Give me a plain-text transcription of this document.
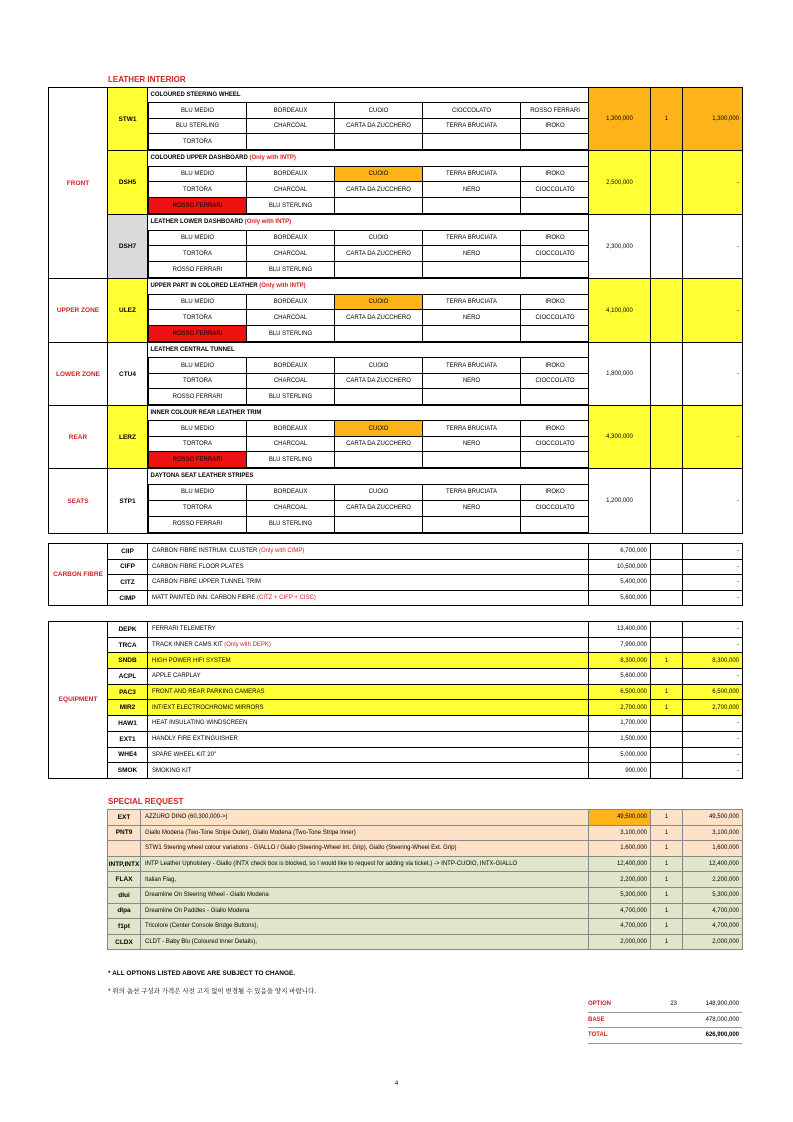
LEATHER INTERIOR
FRONT	STW1	
COLOURED STEERING WHEEL
BLU MEDIO	BORDEAUX	CUOIO	CIOCCOLATO	ROSSO FERRARI
BLU STERLING	CHARCOAL	CARTA DA ZUCCHERO	TERRA BRUCIATA	IROKO
TORTORA				
	1,300,000	1	1,300,000
DSH5	
COLOURED UPPER DASHBOARD (Only with INTP)
BLU MEDIO	BORDEAUX	CUOIO	TERRA BRUCIATA	IROKO
TORTORA	CHARCOAL	CARTA DA ZUCCHERO	NERO	CIOCCOLATO
ROSSO FERRARI	BLU STERLING			
	2,500,000		-
DSH7	
LEATHER LOWER DASHBOARD (Only with INTP)
BLU MEDIO	BORDEAUX	CUOIO	TERRA BRUCIATA	IROKO
TORTORA	CHARCOAL	CARTA DA ZUCCHERO	NERO	CIOCCOLATO
ROSSO FERRARI	BLU STERLING			
	2,300,000		-
UPPER ZONE	ULEZ	
UPPER PART IN COLORED LEATHER (Only with INTP)
BLU MEDIO	BORDEAUX	CUOIO	TERRA BRUCIATA	IROKO
TORTORA	CHARCOAL	CARTA DA ZUCCHERO	NERO	CIOCCOLATO
ROSSO FERRARI	BLU STERLING			
	4,100,000		-
LOWER ZONE	CTU4	
LEATHER CENTRAL TUNNEL
BLU MEDIO	BORDEAUX	CUOIO	TERRA BRUCIATA	IROKO
TORTORA	CHARCOAL	CARTA DA ZUCCHERO	NERO	CIOCCOLATO
ROSSO FERRARI	BLU STERLING			
	1,800,000		-
REAR	LERZ	
INNER COLOUR REAR LEATHER TRIM
BLU MEDIO	BORDEAUX	CUOIO	TERRA BRUCIATA	IROKO
TORTORA	CHARCOAL	CARTA DA ZUCCHERO	NERO	CIOCCOLATO
ROSSO FERRARI	BLU STERLING			
	4,300,000		-
SEATS	STP1	
DAYTONA SEAT LEATHER STRIPES
BLU MEDIO	BORDEAUX	CUOIO	TERRA BRUCIATA	IROKO
TORTORA	CHARCOAL	CARTA DA ZUCCHERO	NERO	CIOCCOLATO
ROSSO FERRARI	BLU STERLING			
	1,200,000		-
CARBON FIBRE	CIIP	CARBON FIBRE INSTRUM. CLUSTER (Only with CIMP)	6,700,000		-
	CIFP	CARBON FIBRE FLOOR PLATES	10,500,000		-
	CITZ	CARBON FIBRE UPPER TUNNEL TRIM	5,400,000		-
	CIMP	MATT PAINTED INN. CARBON FIBRE (CITZ + CIFP + CISC)	5,600,000		-
EQUIPMENT	DEPK	FERRARI TELEMETRY	13,400,000		-
	TRCA	TRACK INNER CAMS KIT (Only with DEPK)	7,900,000		-
	SNDB	HIGH POWER HIFI SYSTEM	8,300,000	1	8,300,000
	ACPL	APPLE CARPLAY	5,600,000		-
	PAC3	FRONT AND REAR PARKING CAMERAS	6,500,000	1	6,500,000
	MIR2	INT/EXT ELECTROCHROMIC MIRRORS	2,700,000	1	2,700,000
	HAW1	HEAT INSULATING WINDSCREEN	1,700,000		-
	EXT1	HANDLY FIRE EXTINGUISHER	1,500,000		-
	WHE4	SPARE WHEEL KIT 20"	5,000,000		-
	SMOK	SMOKING KIT	900,000		-
SPECIAL REQUEST
EXT	AZZURO DINO (60,300,000->)	49,500,000	1	49,500,000
PNT9	Giallo Modena (Two-Tone Stripe Outer), Giallo Modena (Two-Tone Stripe Inner)	3,100,000	1	3,100,000
	STW1 Steering wheel colour variations - GIALLO / Giallo (Steering-Wheel Int. Grip), Giallo (Steering-Wheel Ext. Grip)	1,600,000	1	1,600,000
INTP,INTX	INTP Leather Upholstery - Giallo (INTX check box is blocked, so I would like to request for adding via ticket.) -> INTP-CUOIO, INTX-GIALLO	12,400,000	1	12,400,000
FLAX	Italian Flag,	2,200,000	1	2,200,000
dlui	Dreamline On Steering Wheel - Giallo Modena	5,300,000	1	5,300,000
dlpa	Dreamline On Paddles - Giallo Modena	4,700,000	1	4,700,000
f1pt	Tricolore (Center Console Bridge Buttons),	4,700,000	1	4,700,000
CLDX	CLDT - Baby Blu (Coloured Inner Details),	2,000,000	1	2,000,000
* ALL OPTIONS LISTED ABOVE ARE SUBJECT TO CHANGE.
* 위의 옵션 구성과 가격은 사전 고지 없이 변경될 수 있음을 양지 바랍니다.
OPTION	23	148,900,000
BASE		478,000,000
TOTAL		626,900,000
4
